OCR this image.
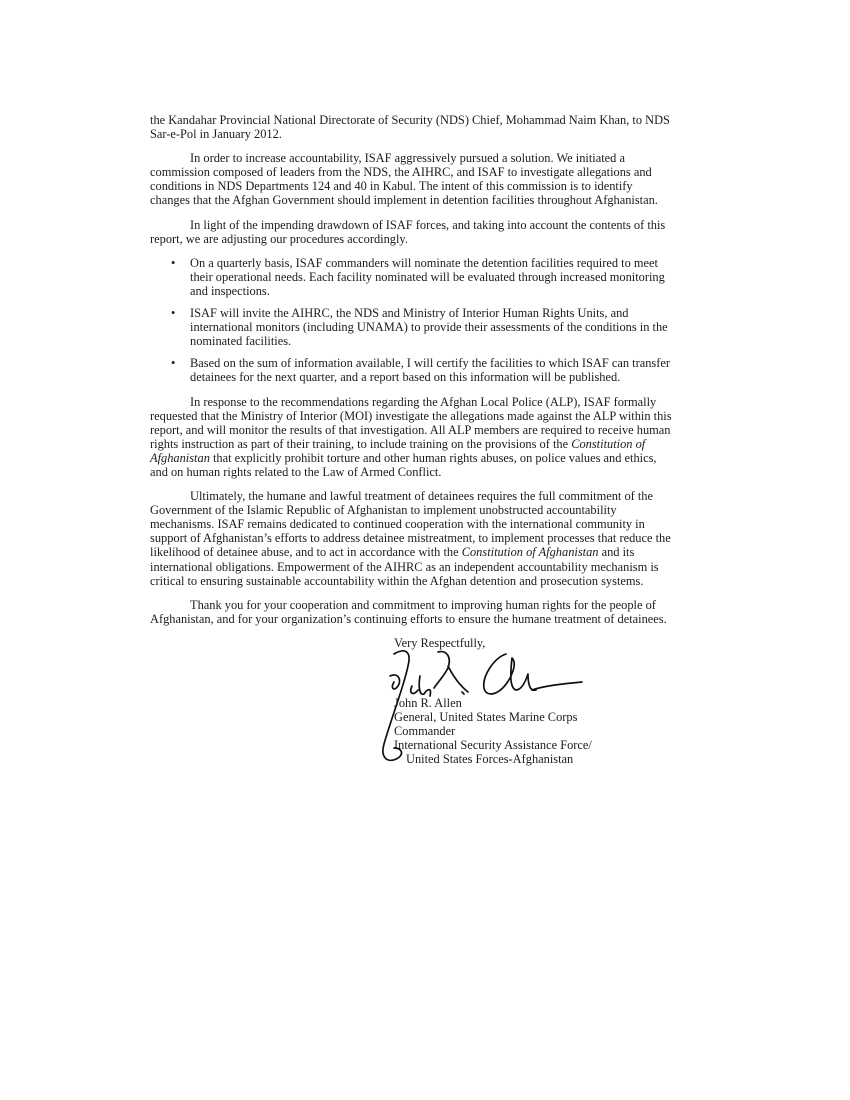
the Kandahar Provincial National Directorate of Security (NDS) Chief, Mohammad Naim Khan, to NDS Sar-e-Pol in January 2012.

In order to increase accountability, ISAF aggressively pursued a solution. We initiated a commission composed of leaders from the NDS, the AIHRC, and ISAF to investigate allegations and conditions in NDS Departments 124 and 40 in Kabul. The intent of this commission is to identify changes that the Afghan Government should implement in detention facilities throughout Afghanistan.

In light of the impending drawdown of ISAF forces, and taking into account the contents of this report, we are adjusting our procedures accordingly.

• On a quarterly basis, ISAF commanders will nominate the detention facilities required to meet their operational needs. Each facility nominated will be evaluated through increased monitoring and inspections.
• ISAF will invite the AIHRC, the NDS and Ministry of Interior Human Rights Units, and international monitors (including UNAMA) to provide their assessments of the conditions in the nominated facilities.
• Based on the sum of information available, I will certify the facilities to which ISAF can transfer detainees for the next quarter, and a report based on this information will be published.

In response to the recommendations regarding the Afghan Local Police (ALP), ISAF formally requested that the Ministry of Interior (MOI) investigate the allegations made against the ALP within this report, and will monitor the results of that investigation. All ALP members are required to receive human rights instruction as part of their training, to include training on the provisions of the Constitution of Afghanistan that explicitly prohibit torture and other human rights abuses, on police values and ethics, and on human rights related to the Law of Armed Conflict.

Ultimately, the humane and lawful treatment of detainees requires the full commitment of the Government of the Islamic Republic of Afghanistan to implement unobstructed accountability mechanisms. ISAF remains dedicated to continued cooperation with the international community in support of Afghanistan’s efforts to address detainee mistreatment, to implement processes that reduce the likelihood of detainee abuse, and to act in accordance with the Constitution of Afghanistan and its international obligations. Empowerment of the AIHRC as an independent accountability mechanism is critical to ensuring sustainable accountability within the Afghan detention and prosecution systems.

Thank you for your cooperation and commitment to improving human rights for the people of Afghanistan, and for your organization’s continuing efforts to ensure the humane treatment of detainees.

Very Respectfully,
John R. Allen
General, United States Marine Corps
Commander
International Security Assistance Force/
United States Forces-Afghanistan
